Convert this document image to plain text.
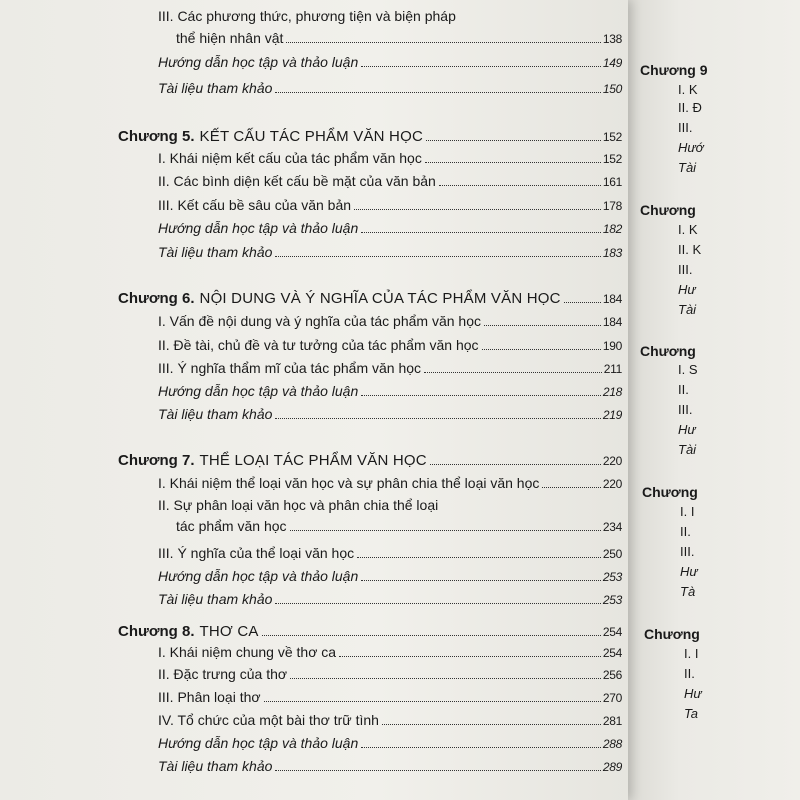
Chương 9
I. K
II. Đ
III.
Hướ
Tài
Chương
I. K
II. K
III.
Hư
Tài
Chương
I. S
II.
III.
Hư
Tài
Chương
I. I
II.
III.
Hư
Tà
Chương
I. I
II.
Hư
Ta
III. Các phương thức, phương tiện và biện pháp
thể hiện nhân vật	138
Hướng dẫn học tập và thảo luận	149
Tài liệu tham khảo	150
Chương 5. KẾT CẤU TÁC PHẨM VĂN HỌC	152
I. Khái niệm kết cấu của tác phẩm văn học	152
II. Các bình diện kết cấu bề mặt của văn bản	161
III. Kết cấu bề sâu của văn bản	178
Hướng dẫn học tập và thảo luận	182
Tài liệu tham khảo	183
Chương 6. NỘI DUNG VÀ Ý NGHĨA CỦA TÁC PHẨM VĂN HỌC	184
I. Vấn đề nội dung và ý nghĩa của tác phẩm văn học	184
II. Đề tài, chủ đề và tư tưởng của tác phẩm văn học	190
III. Ý nghĩa thẩm mĩ của tác phẩm văn học	211
Hướng dẫn học tập và thảo luận	218
Tài liệu tham khảo	219
Chương 7. THỂ LOẠI TÁC PHẨM VĂN HỌC	220
I. Khái niệm thể loại văn học và sự phân chia thể loại văn học	220
II. Sự phân loại văn học và phân chia thể loại
tác phẩm văn học	234
III. Ý nghĩa của thể loại văn học	250
Hướng dẫn học tập và thảo luận	253
Tài liệu tham khảo	253
Chương 8. THƠ CA	254
I. Khái niệm chung về thơ ca	254
II. Đặc trưng của thơ	256
III. Phân loại thơ	270
IV. Tổ chức của một bài thơ trữ tình	281
Hướng dẫn học tập và thảo luận	288
Tài liệu tham khảo	289
